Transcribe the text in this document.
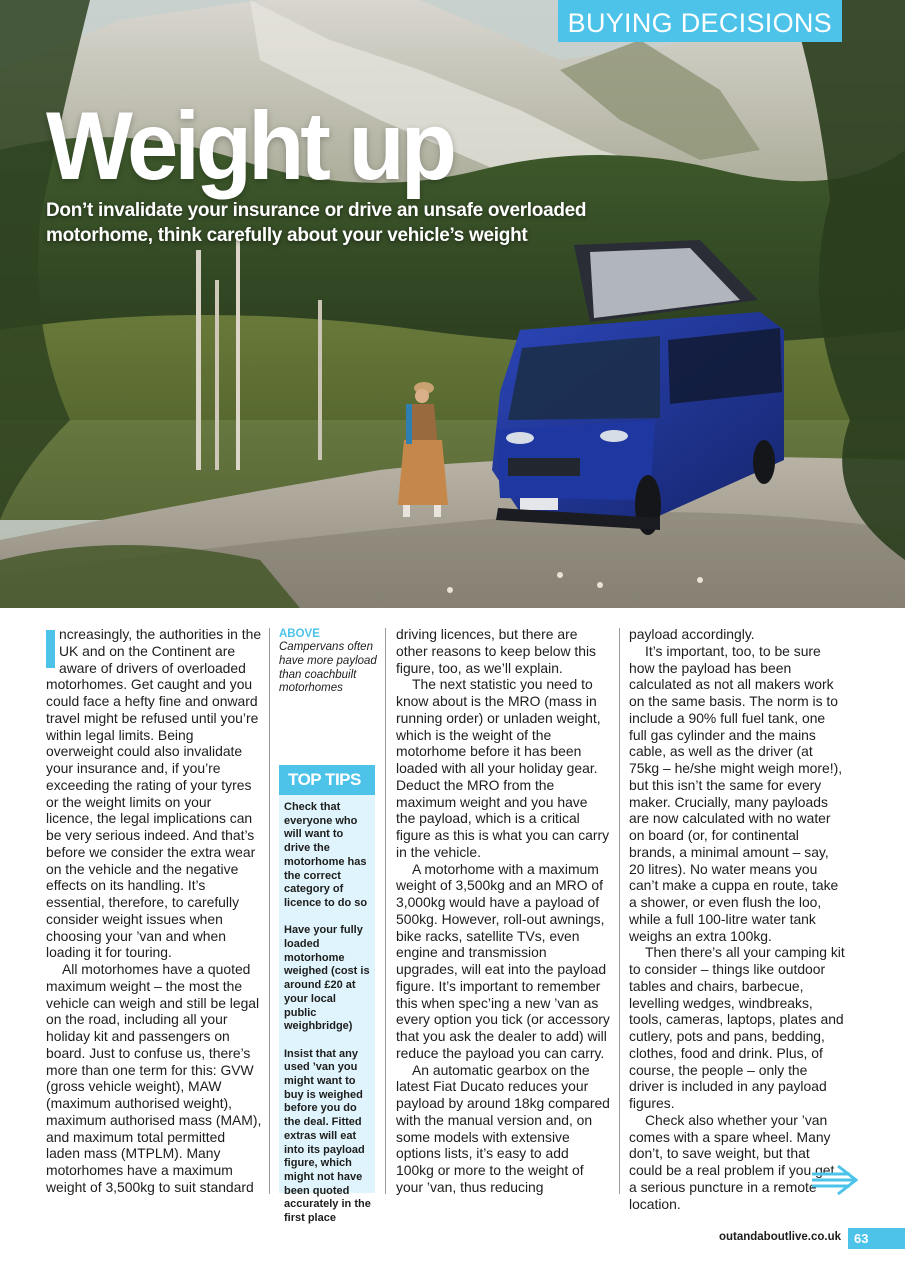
BUYING DECISIONS
Weight up
Don’t invalidate your insurance or drive an unsafe overloaded motorhome, think carefully about your vehicle’s weight

ncreasingly, the authorities in the UK and on the Continent are aware of drivers of overloaded motorhomes. Get caught and you could face a hefty fine and onward travel might be refused until you’re within legal limits. Being overweight could also invalidate your insurance and, if you’re exceeding the rating of your tyres or the weight limits on your licence, the legal implications can be very serious indeed. And that’s before we consider the extra wear on the vehicle and the negative effects on its handling. It’s essential, therefore, to carefully consider weight issues when choosing your ’van and when loading it for touring.

All motorhomes have a quoted maximum weight – the most the vehicle can weigh and still be legal on the road, including all your holiday kit and passengers on board. Just to confuse us, there’s more than one term for this: GVW (gross vehicle weight), MAW (maximum authorised weight), maximum authorised mass (MAM), and maximum total permitted laden mass (MTPLM). Many motorhomes have a maximum weight of 3,500kg to suit standard

ABOVE
Campervans often have more payload than coachbuilt motorhomes
TOP TIPS

Check that everyone who will want to drive the motorhome has the correct category of licence to do so

Have your fully loaded motorhome weighed (cost is around £20 at your local public weighbridge)

Insist that any used ’van you might want to buy is weighed before you do the deal. Fitted extras will eat into its payload figure, which might not have been quoted accurately in the first place

driving licences, but there are other reasons to keep below this figure, too, as we’ll explain.

The next statistic you need to know about is the MRO (mass in running order) or unladen weight, which is the weight of the motorhome before it has been loaded with all your holiday gear. Deduct the MRO from the maximum weight and you have the payload, which is a critical figure as this is what you can carry in the vehicle.

A motorhome with a maximum weight of 3,500kg and an MRO of 3,000kg would have a payload of 500kg. However, roll-out awnings, bike racks, satellite TVs, even engine and transmission upgrades, will eat into the payload figure. It’s important to remember this when spec’ing a new ’van as every option you tick (or accessory that you ask the dealer to add) will reduce the payload you can carry.

An automatic gearbox on the latest Fiat Ducato reduces your payload by around 18kg compared with the manual version and, on some models with extensive options lists, it’s easy to add 100kg or more to the weight of your ’van, thus reducing

payload accordingly.

It’s important, too, to be sure how the payload has been calculated as not all makers work on the same basis. The norm is to include a 90% full fuel tank, one full gas cylinder and the mains cable, as well as the driver (at 75kg – he/she might weigh more!), but this isn’t the same for every maker. Crucially, many payloads are now calculated with no water on board (or, for continental brands, a minimal amount – say, 20 litres). No water means you can’t make a cuppa en route, take a shower, or even flush the loo, while a full 100-litre water tank weighs an extra 100kg.

Then there’s all your camping kit to consider – things like outdoor tables and chairs, barbecue, levelling wedges, windbreaks, tools, cameras, laptops, plates and cutlery, pots and pans, bedding, clothes, food and drink. Plus, of course, the people – only the driver is included in any payload figures.

Check also whether your ’van comes with a spare wheel. Many don’t, to save weight, but that could be a real problem if you get a serious puncture in a remote location.

outandaboutlive.co.uk	63
